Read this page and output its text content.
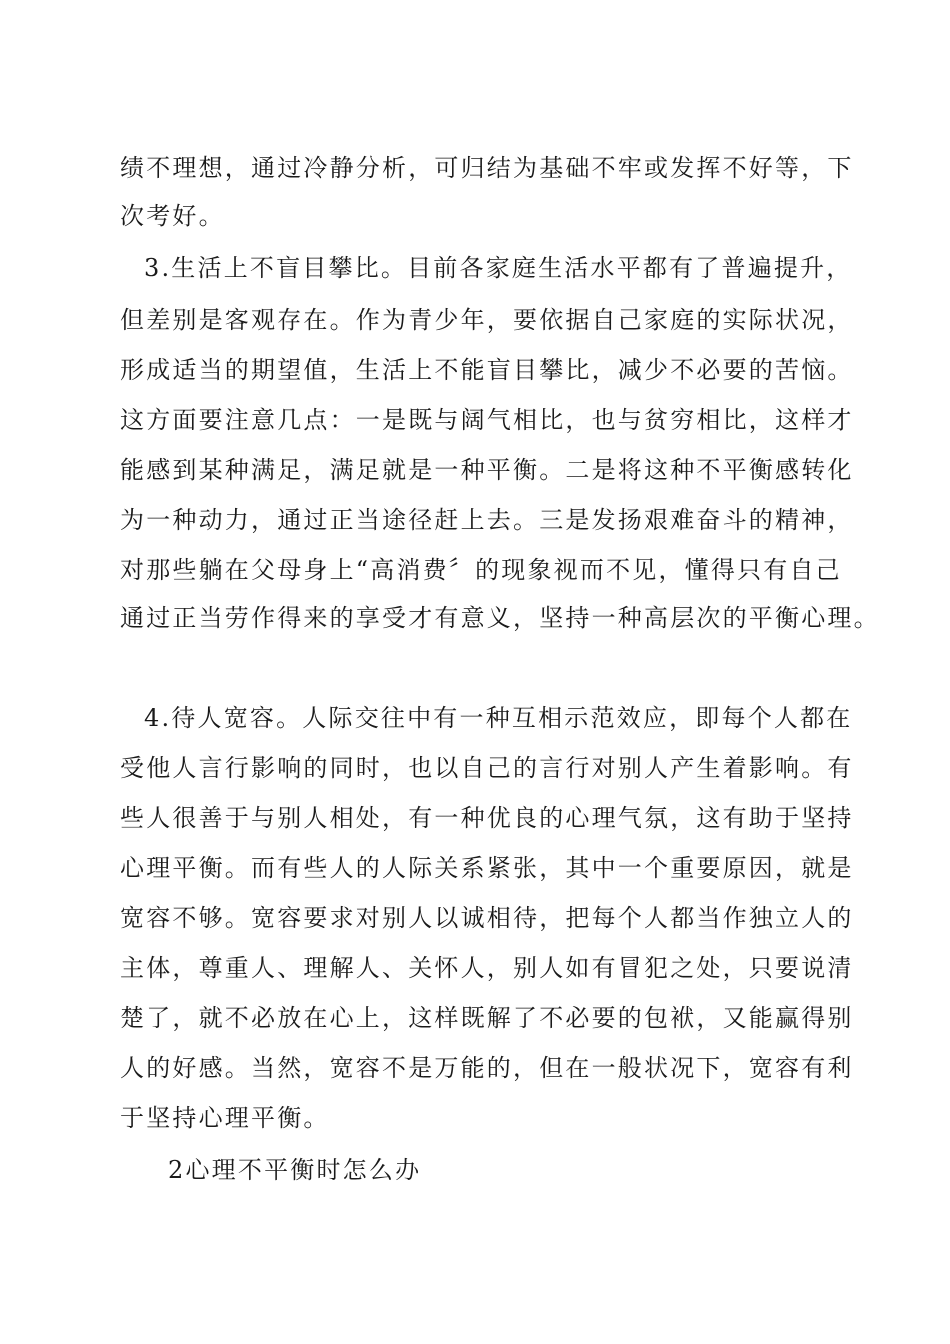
绩不理想，通过冷静分析，可归结为基础不牢或发挥不好等，下
次考好。
3.生活上不盲目攀比。目前各家庭生活水平都有了普遍提升，
但差别是客观存在。作为青少年，要依据自己家庭的实际状况，
形成适当的期望值，生活上不能盲目攀比，减少不必要的苦恼。
这方面要注意几点：一是既与阔气相比，也与贫穷相比，这样才
能感到某种满足，满足就是一种平衡。二是将这种不平衡感转化
为一种动力，通过正当途径赶上去。三是发扬艰难奋斗的精神，
对那些躺在父母身上“高消费〞的现象视而不见，懂得只有自己
通过正当劳作得来的享受才有意义，坚持一种高层次的平衡心理。
4.待人宽容。人际交往中有一种互相示范效应，即每个人都在
受他人言行影响的同时，也以自己的言行对别人产生着影响。有
些人很善于与别人相处，有一种优良的心理气氛，这有助于坚持
心理平衡。而有些人的人际关系紧张，其中一个重要原因，就是
宽容不够。宽容要求对别人以诚相待，把每个人都当作独立人的
主体，尊重人、理解人、关怀人，别人如有冒犯之处，只要说清
楚了，就不必放在心上，这样既解了不必要的包袱，又能赢得别
人的好感。当然，宽容不是万能的，但在一般状况下，宽容有利
于坚持心理平衡。
2心理不平衡时怎么办
